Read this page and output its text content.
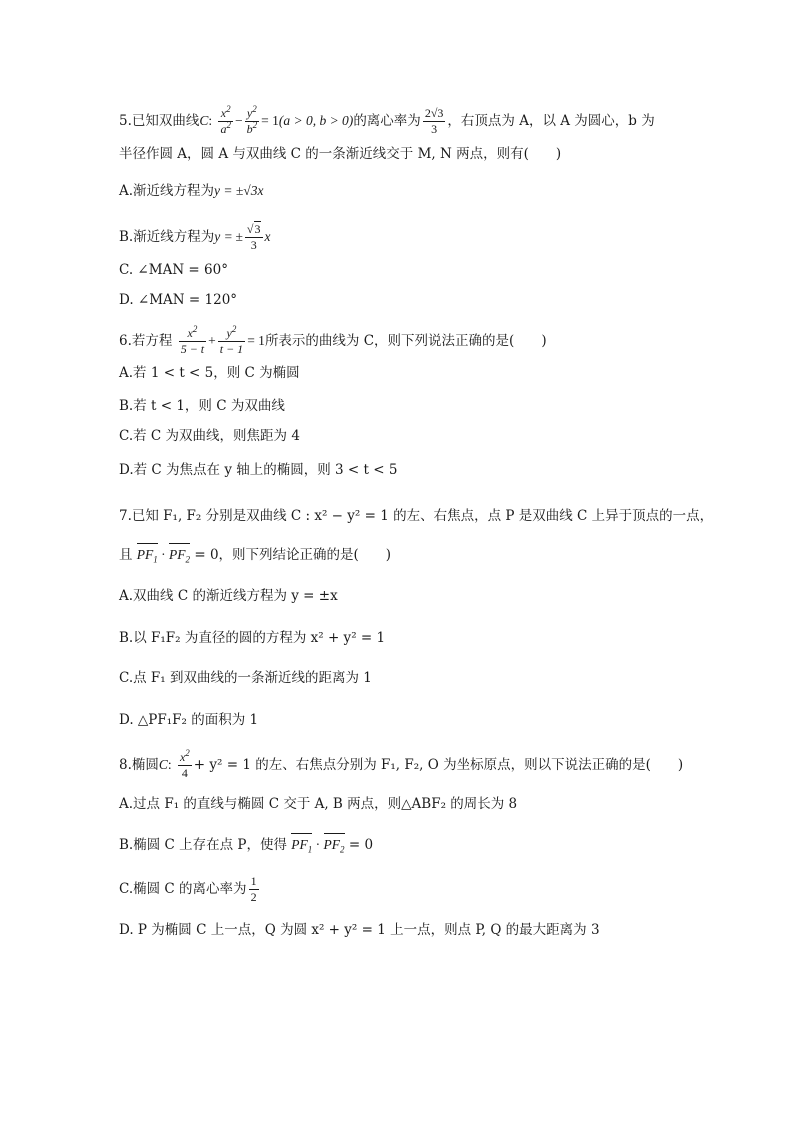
5.已知双曲线C: $\frac{x^2}{a^2} - \frac{y^2}{b^2} = 1(a > 0$, b > 0)的离心率为 $\frac{2√3}{3}$ ，右顶点为 A，以 A 为圆心，b 为
半径作圆 A，圆 A 与双曲线 C 的一条渐近线交于 M, N 两点，则有(　　)
A.渐近线方程为y = ±√3x
B.渐近线方程为y = ± $\frac{√3}{3}$ x
C. ∠MAN = 60°
D. ∠MAN = 120°
6.若方程 $\frac{x^2}{5 - t} + \frac{y^2}{t - 1} = 1$所表示的曲线为 C，则下列说法正确的是(　　)
A.若 1 < t < 5，则 C 为椭圆
B.若 t < 1，则 C 为双曲线
C.若 C 为双曲线，则焦距为 4
D.若 C 为焦点在 y 轴上的椭圆，则 3 < t < 5
7.已知 F₁, F₂ 分别是双曲线 C : x² − y² = 1 的左、右焦点，点 P 是双曲线 C 上异于顶点的一点，
且 $PF_1 \cdot PF_2 = 0$，则下列结论正确的是(　　)
A.双曲线 C 的渐近线方程为 y = ±x
B.以 F₁F₂ 为直径的圆的方程为 x² + y² = 1
C.点 F₁ 到双曲线的一条渐近线的距离为 1
D. △PF₁F₂ 的面积为 1
8.椭圆C: $\frac{x^2}{4} + y^2 = 1$ 的左、右焦点分别为 F₁, F₂, O 为坐标原点，则以下说法正确的是(　　)
A.过点 F₁ 的直线与椭圆 C 交于 A, B 两点，则△ABF₂ 的周长为 8
B.椭圆 C 上存在点 P，使得 $PF_1 \cdot PF_2 = 0$
C.椭圆 C 的离心率为 $\frac{1}{2}$
D. P 为椭圆 C 上一点，Q 为圆 x² + y² = 1 上一点，则点 P, Q 的最大距离为 3
